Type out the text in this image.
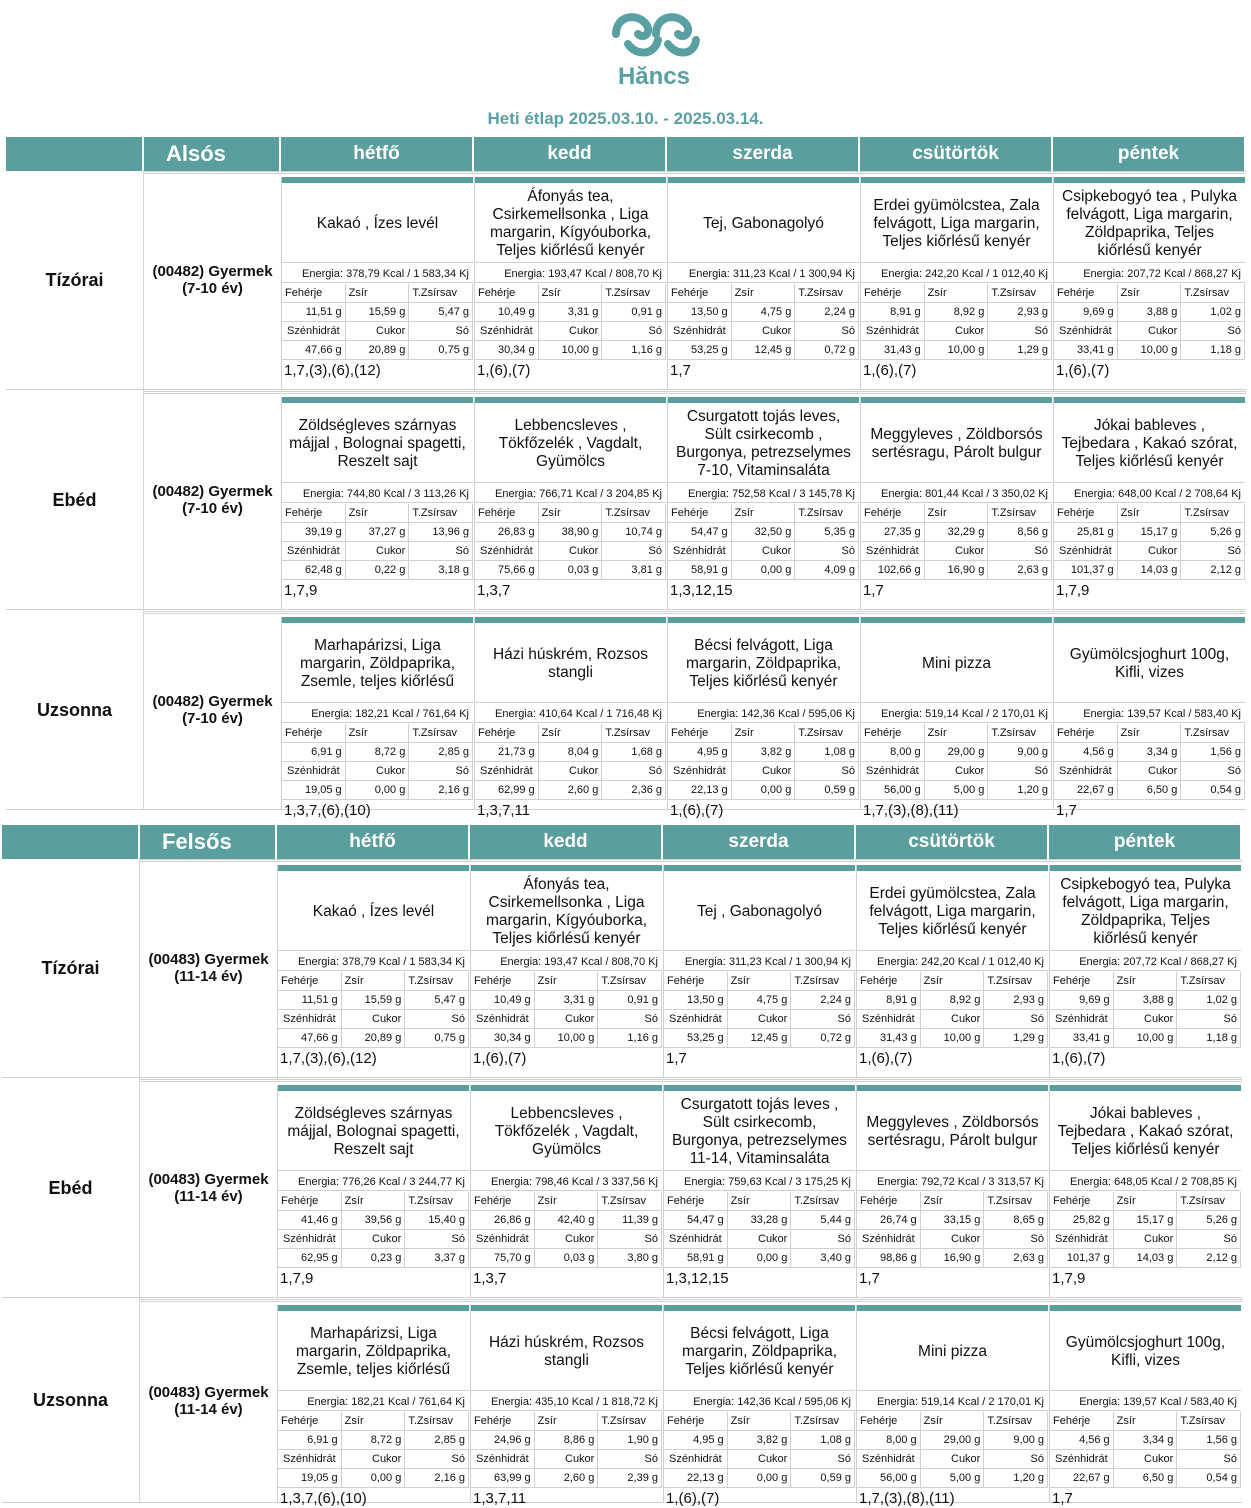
Hăncs
Heti étlap 2025.03.10. - 2025.03.14.
Alsós	hétfő	kedd	szerda	csütörtök	péntek
Tízórai	(00482) Gyermek (7-10 év)
Kakaó , Ízes levél
Energia: 378,79 Kcal / 1 583,34 Kj
Fehérje	Zsír	T.Zsírsav
11,51 g	15,59 g	5,47 g
Szénhidrát	Cukor	Só
47,66 g	20,89 g	0,75 g
1,7,(3),(6),(12)
Áfonyás tea, Csirkemellsonka , Liga margarin, Kígyóuborka, Teljes kiőrlésű kenyér
Energia: 193,47 Kcal / 808,70 Kj
Fehérje	Zsír	T.Zsírsav
10,49 g	3,31 g	0,91 g
Szénhidrát	Cukor	Só
30,34 g	10,00 g	1,16 g
1,(6),(7)
Tej, Gabonagolyó
Energia: 311,23 Kcal / 1 300,94 Kj
Fehérje	Zsír	T.Zsírsav
13,50 g	4,75 g	2,24 g
Szénhidrát	Cukor	Só
53,25 g	12,45 g	0,72 g
1,7
Erdei gyümölcstea, Zala felvágott, Liga margarin, Teljes kiőrlésű kenyér
Energia: 242,20 Kcal / 1 012,40 Kj
Fehérje	Zsír	T.Zsírsav
8,91 g	8,92 g	2,93 g
Szénhidrát	Cukor	Só
31,43 g	10,00 g	1,29 g
1,(6),(7)
Csipkebogyó tea , Pulyka felvágott, Liga margarin, Zöldpaprika, Teljes kiőrlésű kenyér
Energia: 207,72 Kcal / 868,27 Kj
Fehérje	Zsír	T.Zsírsav
9,69 g	3,88 g	1,02 g
Szénhidrát	Cukor	Só
33,41 g	10,00 g	1,18 g
1,(6),(7)
Ebéd	(00482) Gyermek (7-10 év)
Zöldségleves szárnyas májjal , Bolognai spagetti, Reszelt sajt
Energia: 744,80 Kcal / 3 113,26 Kj
Fehérje	Zsír	T.Zsírsav
39,19 g	37,27 g	13,96 g
Szénhidrát	Cukor	Só
62,48 g	0,22 g	3,18 g
1,7,9
Lebbencsleves , Tökfőzelék , Vagdalt, Gyümölcs
Energia: 766,71 Kcal / 3 204,85 Kj
Fehérje	Zsír	T.Zsírsav
26,83 g	38,90 g	10,74 g
Szénhidrát	Cukor	Só
75,66 g	0,03 g	3,81 g
1,3,7
Csurgatott tojás leves, Sült csirkecomb , Burgonya, petrezselymes 7-10, Vitaminsaláta
Energia: 752,58 Kcal / 3 145,78 Kj
Fehérje	Zsír	T.Zsírsav
54,47 g	32,50 g	5,35 g
Szénhidrát	Cukor	Só
58,91 g	0,00 g	4,09 g
1,3,12,15
Meggyleves , Zöldborsós sertésragu, Párolt bulgur
Energia: 801,44 Kcal / 3 350,02 Kj
Fehérje	Zsír	T.Zsírsav
27,35 g	32,29 g	8,56 g
Szénhidrát	Cukor	Só
102,66 g	16,90 g	2,63 g
1,7
Jókai bableves , Tejbedara , Kakaó szórat, Teljes kiőrlésű kenyér
Energia: 648,00 Kcal / 2 708,64 Kj
Fehérje	Zsír	T.Zsírsav
25,81 g	15,17 g	5,26 g
Szénhidrát	Cukor	Só
101,37 g	14,03 g	2,12 g
1,7,9
Uzsonna	(00482) Gyermek (7-10 év)
Marhapárizsi, Liga margarin, Zöldpaprika, Zsemle, teljes kiőrlésű
Energia: 182,21 Kcal / 761,64 Kj
Fehérje	Zsír	T.Zsírsav
6,91 g	8,72 g	2,85 g
Szénhidrát	Cukor	Só
19,05 g	0,00 g	2,16 g
1,3,7,(6),(10)
Házi húskrém, Rozsos stangli
Energia: 410,64 Kcal / 1 716,48 Kj
Fehérje	Zsír	T.Zsírsav
21,73 g	8,04 g	1,68 g
Szénhidrát	Cukor	Só
62,99 g	2,60 g	2,36 g
1,3,7,11
Bécsi felvágott, Liga margarin, Zöldpaprika, Teljes kiőrlésű kenyér
Energia: 142,36 Kcal / 595,06 Kj
Fehérje	Zsír	T.Zsírsav
4,95 g	3,82 g	1,08 g
Szénhidrát	Cukor	Só
22,13 g	0,00 g	0,59 g
1,(6),(7)
Mini pizza
Energia: 519,14 Kcal / 2 170,01 Kj
Fehérje	Zsír	T.Zsírsav
8,00 g	29,00 g	9,00 g
Szénhidrát	Cukor	Só
56,00 g	5,00 g	1,20 g
1,7,(3),(8),(11)
Gyümölcsjoghurt 100g, Kifli, vizes
Energia: 139,57 Kcal / 583,40 Kj
Fehérje	Zsír	T.Zsírsav
4,56 g	3,34 g	1,56 g
Szénhidrát	Cukor	Só
22,67 g	6,50 g	0,54 g
1,7
Felsős	hétfő	kedd	szerda	csütörtök	péntek
Tízórai	(00483) Gyermek (11-14 év)
Kakaó , Ízes levél
Energia: 378,79 Kcal / 1 583,34 Kj
Fehérje	Zsír	T.Zsírsav
11,51 g	15,59 g	5,47 g
Szénhidrát	Cukor	Só
47,66 g	20,89 g	0,75 g
1,7,(3),(6),(12)
Áfonyás tea, Csirkemellsonka , Liga margarin, Kígyóuborka, Teljes kiőrlésű kenyér
Energia: 193,47 Kcal / 808,70 Kj
Fehérje	Zsír	T.Zsírsav
10,49 g	3,31 g	0,91 g
Szénhidrát	Cukor	Só
30,34 g	10,00 g	1,16 g
1,(6),(7)
Tej , Gabonagolyó
Energia: 311,23 Kcal / 1 300,94 Kj
Fehérje	Zsír	T.Zsírsav
13,50 g	4,75 g	2,24 g
Szénhidrát	Cukor	Só
53,25 g	12,45 g	0,72 g
1,7
Erdei gyümölcstea, Zala felvágott, Liga margarin, Teljes kiőrlésű kenyér
Energia: 242,20 Kcal / 1 012,40 Kj
Fehérje	Zsír	T.Zsírsav
8,91 g	8,92 g	2,93 g
Szénhidrát	Cukor	Só
31,43 g	10,00 g	1,29 g
1,(6),(7)
Csipkebogyó tea, Pulyka felvágott, Liga margarin, Zöldpaprika, Teljes kiőrlésű kenyér
Energia: 207,72 Kcal / 868,27 Kj
Fehérje	Zsír	T.Zsírsav
9,69 g	3,88 g	1,02 g
Szénhidrát	Cukor	Só
33,41 g	10,00 g	1,18 g
1,(6),(7)
Ebéd	(00483) Gyermek (11-14 év)
Zöldségleves szárnyas májjal, Bolognai spagetti, Reszelt sajt
Energia: 776,26 Kcal / 3 244,77 Kj
Fehérje	Zsír	T.Zsírsav
41,46 g	39,56 g	15,40 g
Szénhidrát	Cukor	Só
62,95 g	0,23 g	3,37 g
1,7,9
Lebbencsleves , Tökfőzelék , Vagdalt, Gyümölcs
Energia: 798,46 Kcal / 3 337,56 Kj
Fehérje	Zsír	T.Zsírsav
26,86 g	42,40 g	11,39 g
Szénhidrát	Cukor	Só
75,70 g	0,03 g	3,80 g
1,3,7
Csurgatott tojás leves , Sült csirkecomb, Burgonya, petrezselymes 11-14, Vitaminsaláta
Energia: 759,63 Kcal / 3 175,25 Kj
Fehérje	Zsír	T.Zsírsav
54,47 g	33,28 g	5,44 g
Szénhidrát	Cukor	Só
58,91 g	0,00 g	3,40 g
1,3,12,15
Meggyleves , Zöldborsós sertésragu, Párolt bulgur
Energia: 792,72 Kcal / 3 313,57 Kj
Fehérje	Zsír	T.Zsírsav
26,74 g	33,15 g	8,65 g
Szénhidrát	Cukor	Só
98,86 g	16,90 g	2,63 g
1,7
Jókai bableves , Tejbedara , Kakaó szórat, Teljes kiőrlésű kenyér
Energia: 648,05 Kcal / 2 708,85 Kj
Fehérje	Zsír	T.Zsírsav
25,82 g	15,17 g	5,26 g
Szénhidrát	Cukor	Só
101,37 g	14,03 g	2,12 g
1,7,9
Uzsonna	(00483) Gyermek (11-14 év)
Marhapárizsi, Liga margarin, Zöldpaprika, Zsemle, teljes kiőrlésű
Energia: 182,21 Kcal / 761,64 Kj
Fehérje	Zsír	T.Zsírsav
6,91 g	8,72 g	2,85 g
Szénhidrát	Cukor	Só
19,05 g	0,00 g	2,16 g
1,3,7,(6),(10)
Házi húskrém, Rozsos stangli
Energia: 435,10 Kcal / 1 818,72 Kj
Fehérje	Zsír	T.Zsírsav
24,96 g	8,86 g	1,90 g
Szénhidrát	Cukor	Só
63,99 g	2,60 g	2,39 g
1,3,7,11
Bécsi felvágott, Liga margarin, Zöldpaprika, Teljes kiőrlésű kenyér
Energia: 142,36 Kcal / 595,06 Kj
Fehérje	Zsír	T.Zsírsav
4,95 g	3,82 g	1,08 g
Szénhidrát	Cukor	Só
22,13 g	0,00 g	0,59 g
1,(6),(7)
Mini pizza
Energia: 519,14 Kcal / 2 170,01 Kj
Fehérje	Zsír	T.Zsírsav
8,00 g	29,00 g	9,00 g
Szénhidrát	Cukor	Só
56,00 g	5,00 g	1,20 g
1,7,(3),(8),(11)
Gyümölcsjoghurt 100g, Kifli, vizes
Energia: 139,57 Kcal / 583,40 Kj
Fehérje	Zsír	T.Zsírsav
4,56 g	3,34 g	1,56 g
Szénhidrát	Cukor	Só
22,67 g	6,50 g	0,54 g
1,7
